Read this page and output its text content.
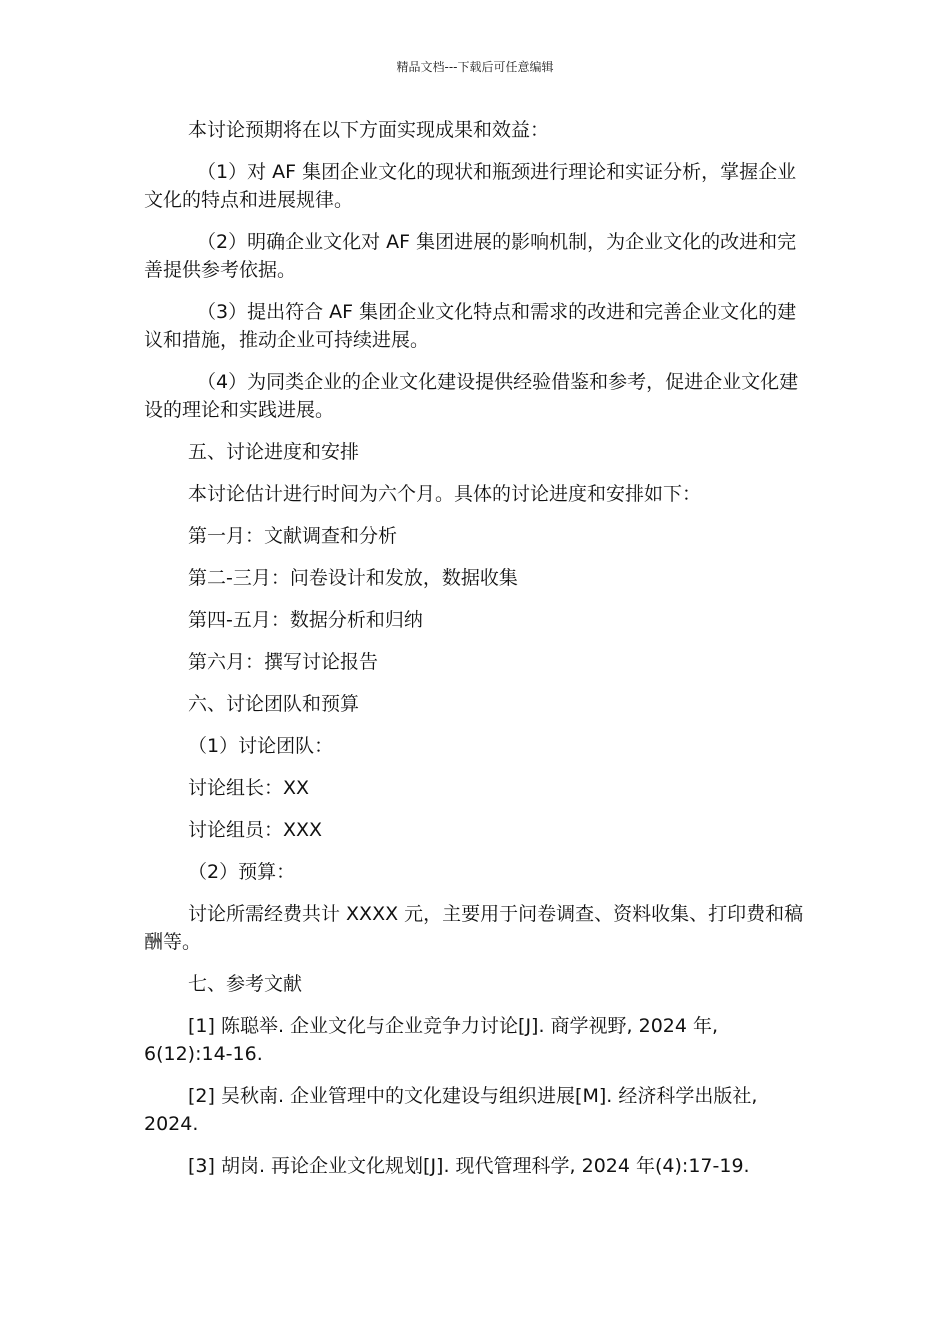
精品文档---下载后可任意编辑

本讨论预期将在以下方面实现成果和效益：

（1）对 AF 集团企业文化的现状和瓶颈进行理论和实证分析，掌握企业文化的特点和进展规律。

（2）明确企业文化对 AF 集团进展的影响机制，为企业文化的改进和完善提供参考依据。

（3）提出符合 AF 集团企业文化特点和需求的改进和完善企业文化的建议和措施，推动企业可持续进展。

（4）为同类企业的企业文化建设提供经验借鉴和参考，促进企业文化建设的理论和实践进展。

五、讨论进度和安排

本讨论估计进行时间为六个月。具体的讨论进度和安排如下：

第一月：文献调查和分析

第二-三月：问卷设计和发放，数据收集

第四-五月：数据分析和归纳

第六月：撰写讨论报告

六、讨论团队和预算

（1）讨论团队：

讨论组长：XX

讨论组员：XXX

（2）预算：

讨论所需经费共计 XXXX 元，主要用于问卷调查、资料收集、打印费和稿酬等。

七、参考文献

[1] 陈聪举. 企业文化与企业竞争力讨论[J]. 商学视野, 2024 年, 6(12):14-16.

[2] 吴秋南. 企业管理中的文化建设与组织进展[M]. 经济科学出版社, 2024.

[3] 胡岗. 再论企业文化规划[J]. 现代管理科学, 2024 年(4):17-19.
